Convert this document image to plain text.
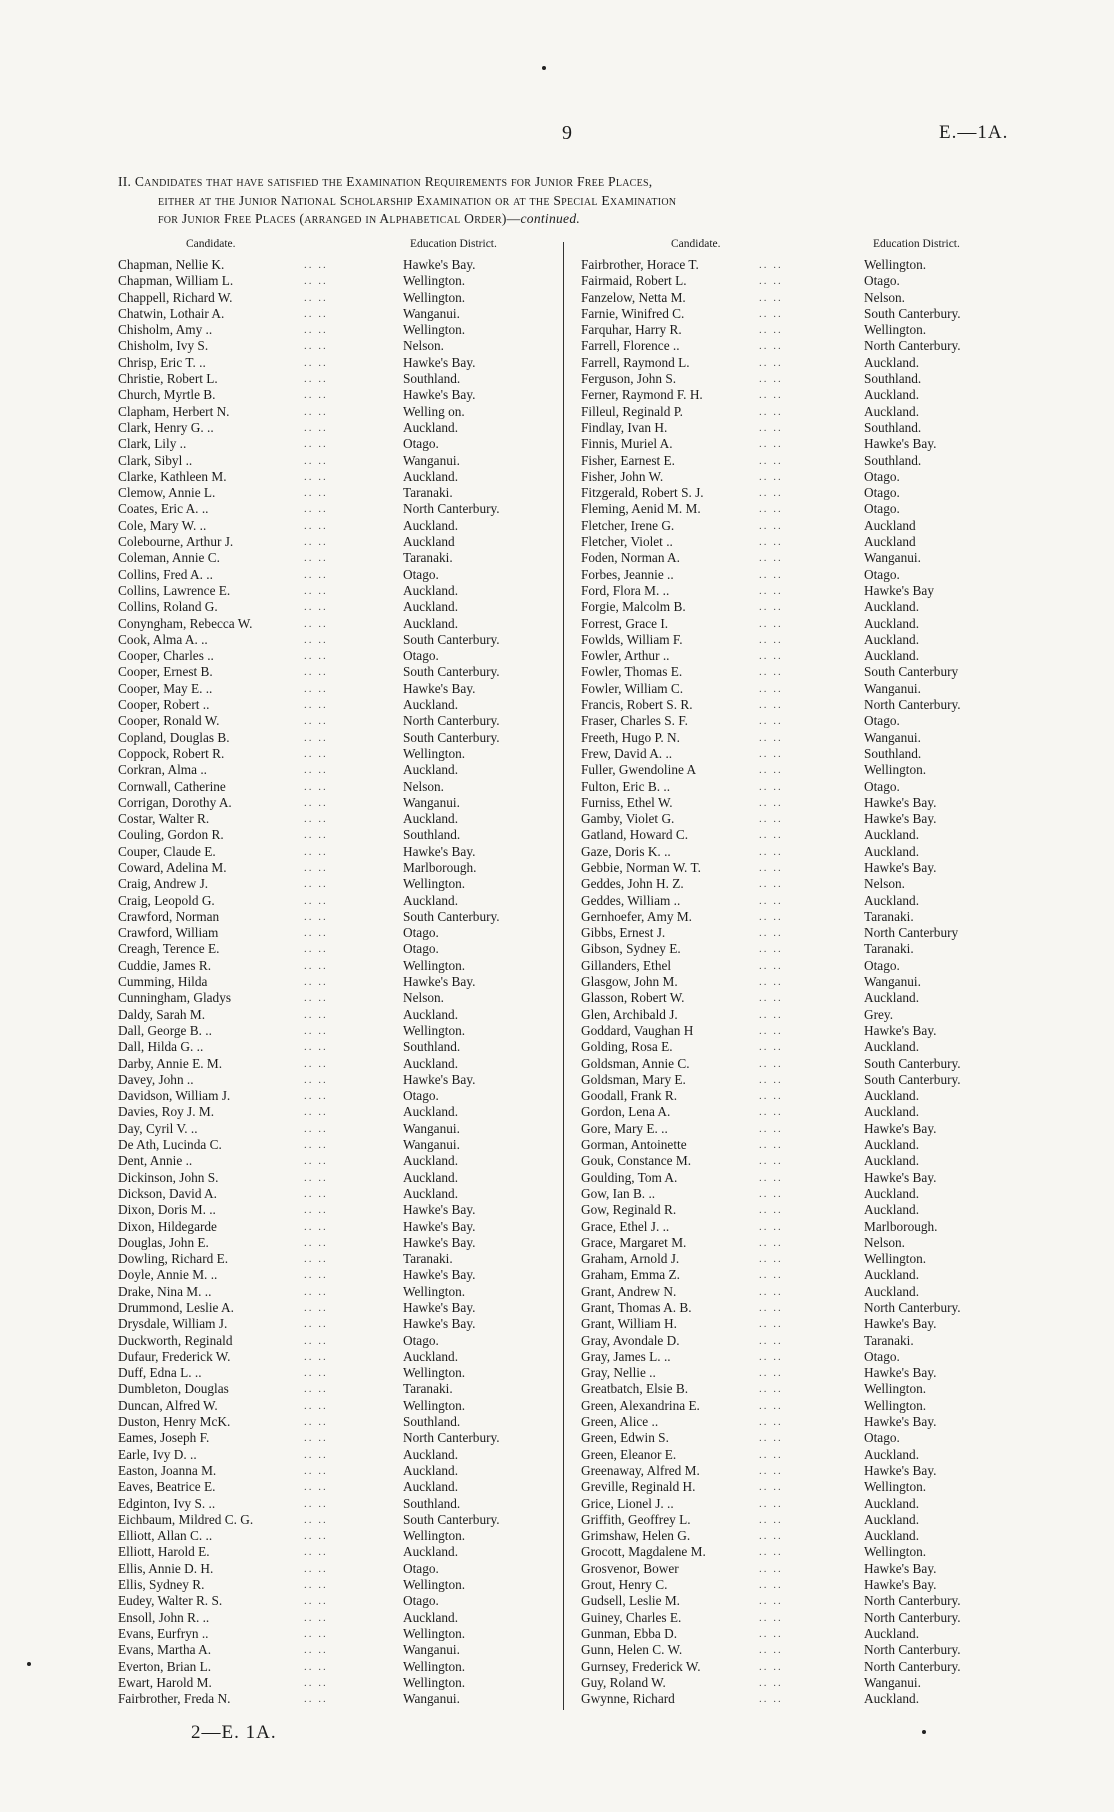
9	E.—1A.
II. Candidates that have satisfied the Examination Requirements for Junior Free Places,
either at the Junior National Scholarship Examination or at the Special Examination
for Junior Free Places (arranged in Alphabetical Order)—continued.
Candidate.	Education District.	Candidate.	Education District.
Chapman, Nellie K.	.. ..	Hawke's Bay.
Chapman, William L.	.. ..	Wellington.
Chappell, Richard W.	.. ..	Wellington.
Chatwin, Lothair A.	.. ..	Wanganui.
Chisholm, Amy ..	.. ..	Wellington.
Chisholm, Ivy S.	.. ..	Nelson.
Chrisp, Eric T. ..	.. ..	Hawke's Bay.
Christie, Robert L.	.. ..	Southland.
Church, Myrtle B.	.. ..	Hawke's Bay.
Clapham, Herbert N.	.. ..	Welling on.
Clark, Henry G. ..	.. ..	Auckland.
Clark, Lily ..	.. ..	Otago.
Clark, Sibyl ..	.. ..	Wanganui.
Clarke, Kathleen M.	.. ..	Auckland.
Clemow, Annie L.	.. ..	Taranaki.
Coates, Eric A. ..	.. ..	North Canterbury.
Cole, Mary W. ..	.. ..	Auckland.
Colebourne, Arthur J.	.. ..	Auckland
Coleman, Annie C.	.. ..	Taranaki.
Collins, Fred A. ..	.. ..	Otago.
Collins, Lawrence E.	.. ..	Auckland.
Collins, Roland G.	.. ..	Auckland.
Conyngham, Rebecca W.	.. ..	Auckland.
Cook, Alma A. ..	.. ..	South Canterbury.
Cooper, Charles ..	.. ..	Otago.
Cooper, Ernest B.	.. ..	South Canterbury.
Cooper, May E. ..	.. ..	Hawke's Bay.
Cooper, Robert ..	.. ..	Auckland.
Cooper, Ronald W.	.. ..	North Canterbury.
Copland, Douglas B.	.. ..	South Canterbury.
Coppock, Robert R.	.. ..	Wellington.
Corkran, Alma ..	.. ..	Auckland.
Cornwall, Catherine	.. ..	Nelson.
Corrigan, Dorothy A.	.. ..	Wanganui.
Costar, Walter R.	.. ..	Auckland.
Couling, Gordon R.	.. ..	Southland.
Couper, Claude E.	.. ..	Hawke's Bay.
Coward, Adelina M.	.. ..	Marlborough.
Craig, Andrew J.	.. ..	Wellington.
Craig, Leopold G.	.. ..	Auckland.
Crawford, Norman	.. ..	South Canterbury.
Crawford, William	.. ..	Otago.
Creagh, Terence E.	.. ..	Otago.
Cuddie, James R.	.. ..	Wellington.
Cumming, Hilda	.. ..	Hawke's Bay.
Cunningham, Gladys	.. ..	Nelson.
Daldy, Sarah M.	.. ..	Auckland.
Dall, George B. ..	.. ..	Wellington.
Dall, Hilda G. ..	.. ..	Southland.
Darby, Annie E. M.	.. ..	Auckland.
Davey, John ..	.. ..	Hawke's Bay.
Davidson, William J.	.. ..	Otago.
Davies, Roy J. M.	.. ..	Auckland.
Day, Cyril V. ..	.. ..	Wanganui.
De Ath, Lucinda C.	.. ..	Wanganui.
Dent, Annie ..	.. ..	Auckland.
Dickinson, John S.	.. ..	Auckland.
Dickson, David A.	.. ..	Auckland.
Dixon, Doris M. ..	.. ..	Hawke's Bay.
Dixon, Hildegarde	.. ..	Hawke's Bay.
Douglas, John E.	.. ..	Hawke's Bay.
Dowling, Richard E.	.. ..	Taranaki.
Doyle, Annie M. ..	.. ..	Hawke's Bay.
Drake, Nina M. ..	.. ..	Wellington.
Drummond, Leslie A.	.. ..	Hawke's Bay.
Drysdale, William J.	.. ..	Hawke's Bay.
Duckworth, Reginald	.. ..	Otago.
Dufaur, Frederick W.	.. ..	Auckland.
Duff, Edna L. ..	.. ..	Wellington.
Dumbleton, Douglas	.. ..	Taranaki.
Duncan, Alfred W.	.. ..	Wellington.
Duston, Henry McK.	.. ..	Southland.
Eames, Joseph F.	.. ..	North Canterbury.
Earle, Ivy D. ..	.. ..	Auckland.
Easton, Joanna M.	.. ..	Auckland.
Eaves, Beatrice E.	.. ..	Auckland.
Edginton, Ivy S. ..	.. ..	Southland.
Eichbaum, Mildred C. G.	.. ..	South Canterbury.
Elliott, Allan C. ..	.. ..	Wellington.
Elliott, Harold E.	.. ..	Auckland.
Ellis, Annie D. H.	.. ..	Otago.
Ellis, Sydney R.	.. ..	Wellington.
Eudey, Walter R. S.	.. ..	Otago.
Ensoll, John R. ..	.. ..	Auckland.
Evans, Eurfryn ..	.. ..	Wellington.
Evans, Martha A.	.. ..	Wanganui.
Everton, Brian L.	.. ..	Wellington.
Ewart, Harold M.	.. ..	Wellington.
Fairbrother, Freda N.	.. ..	Wanganui.
Fairbrother, Horace T.	.. ..	Wellington.
Fairmaid, Robert L.	.. ..	Otago.
Fanzelow, Netta M.	.. ..	Nelson.
Farnie, Winifred C.	.. ..	South Canterbury.
Farquhar, Harry R.	.. ..	Wellington.
Farrell, Florence ..	.. ..	North Canterbury.
Farrell, Raymond L.	.. ..	Auckland.
Ferguson, John S.	.. ..	Southland.
Ferner, Raymond F. H.	.. ..	Auckland.
Filleul, Reginald P.	.. ..	Auckland.
Findlay, Ivan H.	.. ..	Southland.
Finnis, Muriel A.	.. ..	Hawke's Bay.
Fisher, Earnest E.	.. ..	Southland.
Fisher, John W.	.. ..	Otago.
Fitzgerald, Robert S. J.	.. ..	Otago.
Fleming, Aenid M. M.	.. ..	Otago.
Fletcher, Irene G.	.. ..	Auckland
Fletcher, Violet ..	.. ..	Auckland
Foden, Norman A.	.. ..	Wanganui.
Forbes, Jeannie ..	.. ..	Otago.
Ford, Flora M. ..	.. ..	Hawke's Bay
Forgie, Malcolm B.	.. ..	Auckland.
Forrest, Grace I.	.. ..	Auckland.
Fowlds, William F.	.. ..	Auckland.
Fowler, Arthur ..	.. ..	Auckland.
Fowler, Thomas E.	.. ..	South Canterbury
Fowler, William C.	.. ..	Wanganui.
Francis, Robert S. R.	.. ..	North Canterbury.
Fraser, Charles S. F.	.. ..	Otago.
Freeth, Hugo P. N.	.. ..	Wanganui.
Frew, David A. ..	.. ..	Southland.
Fuller, Gwendoline A	.. ..	Wellington.
Fulton, Eric B. ..	.. ..	Otago.
Furniss, Ethel W.	.. ..	Hawke's Bay.
Gamby, Violet G.	.. ..	Hawke's Bay.
Gatland, Howard C.	.. ..	Auckland.
Gaze, Doris K. ..	.. ..	Auckland.
Gebbie, Norman W. T.	.. ..	Hawke's Bay.
Geddes, John H. Z.	.. ..	Nelson.
Geddes, William ..	.. ..	Auckland.
Gernhoefer, Amy M.	.. ..	Taranaki.
Gibbs, Ernest J.	.. ..	North Canterbury
Gibson, Sydney E.	.. ..	Taranaki.
Gillanders, Ethel	.. ..	Otago.
Glasgow, John M.	.. ..	Wanganui.
Glasson, Robert W.	.. ..	Auckland.
Glen, Archibald J.	.. ..	Grey.
Goddard, Vaughan H	.. ..	Hawke's Bay.
Golding, Rosa E.	.. ..	Auckland.
Goldsman, Annie C.	.. ..	South Canterbury.
Goldsman, Mary E.	.. ..	South Canterbury.
Goodall, Frank R.	.. ..	Auckland.
Gordon, Lena A.	.. ..	Auckland.
Gore, Mary E. ..	.. ..	Hawke's Bay.
Gorman, Antoinette	.. ..	Auckland.
Gouk, Constance M.	.. ..	Auckland.
Goulding, Tom A.	.. ..	Hawke's Bay.
Gow, Ian B. ..	.. ..	Auckland.
Gow, Reginald R.	.. ..	Auckland.
Grace, Ethel J. ..	.. ..	Marlborough.
Grace, Margaret M.	.. ..	Nelson.
Graham, Arnold J.	.. ..	Wellington.
Graham, Emma Z.	.. ..	Auckland.
Grant, Andrew N.	.. ..	Auckland.
Grant, Thomas A. B.	.. ..	North Canterbury.
Grant, William H.	.. ..	Hawke's Bay.
Gray, Avondale D.	.. ..	Taranaki.
Gray, James L. ..	.. ..	Otago.
Gray, Nellie ..	.. ..	Hawke's Bay.
Greatbatch, Elsie B.	.. ..	Wellington.
Green, Alexandrina E.	.. ..	Wellington.
Green, Alice ..	.. ..	Hawke's Bay.
Green, Edwin S.	.. ..	Otago.
Green, Eleanor E.	.. ..	Auckland.
Greenaway, Alfred M.	.. ..	Hawke's Bay.
Greville, Reginald H.	.. ..	Wellington.
Grice, Lionel J. ..	.. ..	Auckland.
Griffith, Geoffrey L.	.. ..	Auckland.
Grimshaw, Helen G.	.. ..	Auckland.
Grocott, Magdalene M.	.. ..	Wellington.
Grosvenor, Bower	.. ..	Hawke's Bay.
Grout, Henry C.	.. ..	Hawke's Bay.
Gudsell, Leslie M.	.. ..	North Canterbury.
Guiney, Charles E.	.. ..	North Canterbury.
Gunman, Ebba D.	.. ..	Auckland.
Gunn, Helen C. W.	.. ..	North Canterbury.
Gurnsey, Frederick W.	.. ..	North Canterbury.
Guy, Roland W.	.. ..	Wanganui.
Gwynne, Richard	.. ..	Auckland.
2—E. 1A.
